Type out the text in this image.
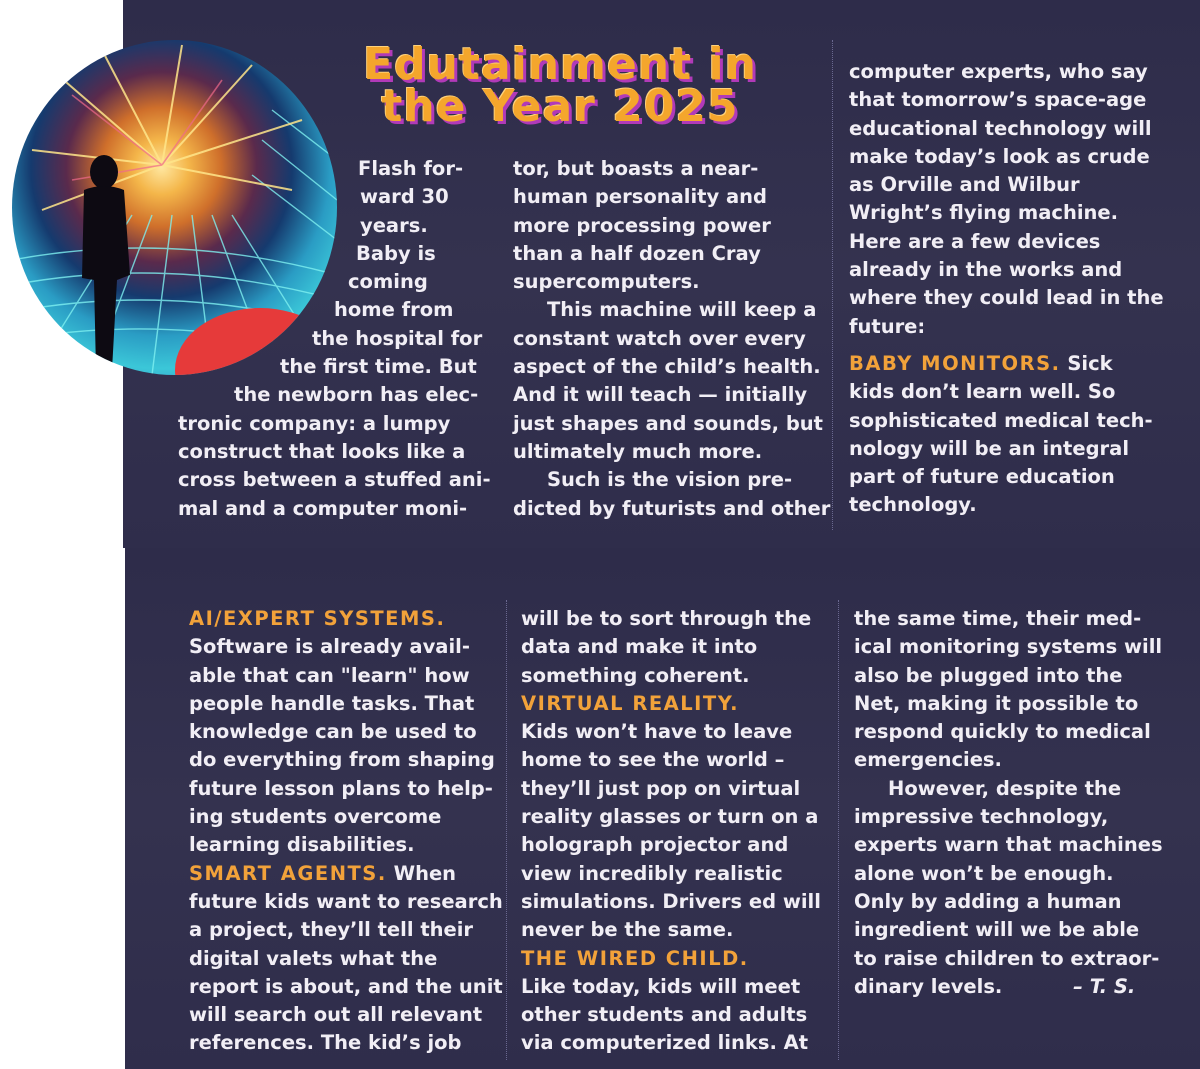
Edutainment in
the Year 2025
Flash for-
ward 30
years.
Baby is
coming
home from
the hospital for
the first time. But
the newborn has elec-
tronic company: a lumpy
construct that looks like a
cross between a stuffed ani-
mal and a computer moni-
tor, but boasts a near-
human personality and
more processing power
than a half dozen Cray
supercomputers.
This machine will keep a
constant watch over every
aspect of the child’s health.
And it will teach — initially
just shapes and sounds, but
ultimately much more.
Such is the vision pre-
dicted by futurists and other
computer experts, who say
that tomorrow’s space-age
educational technology will
make today’s look as crude
as Orville and Wilbur
Wright’s flying machine.
Here are a few devices
already in the works and
where they could lead in the
future:
BABY MONITORS. Sick
kids don’t learn well. So
sophisticated medical tech-
nology will be an integral
part of future education
technology.
AI/EXPERT SYSTEMS.
Software is already avail-
able that can "learn" how
people handle tasks. That
knowledge can be used to
do everything from shaping
future lesson plans to help-
ing students overcome
learning disabilities.
SMART AGENTS. When
future kids want to research
a project, they’ll tell their
digital valets what the
report is about, and the unit
will search out all relevant
references. The kid’s job
will be to sort through the
data and make it into
something coherent.
VIRTUAL REALITY.
Kids won’t have to leave
home to see the world –
they’ll just pop on virtual
reality glasses or turn on a
holograph projector and
view incredibly realistic
simulations. Drivers ed will
never be the same.
THE WIRED CHILD.
Like today, kids will meet
other students and adults
via computerized links. At
the same time, their med-
ical monitoring systems will
also be plugged into the
Net, making it possible to
respond quickly to medical
emergencies.
However, despite the
impressive technology,
experts warn that machines
alone won’t be enough.
Only by adding a human
ingredient will we be able
to raise children to extraor-
dinary levels.	– T. S.
